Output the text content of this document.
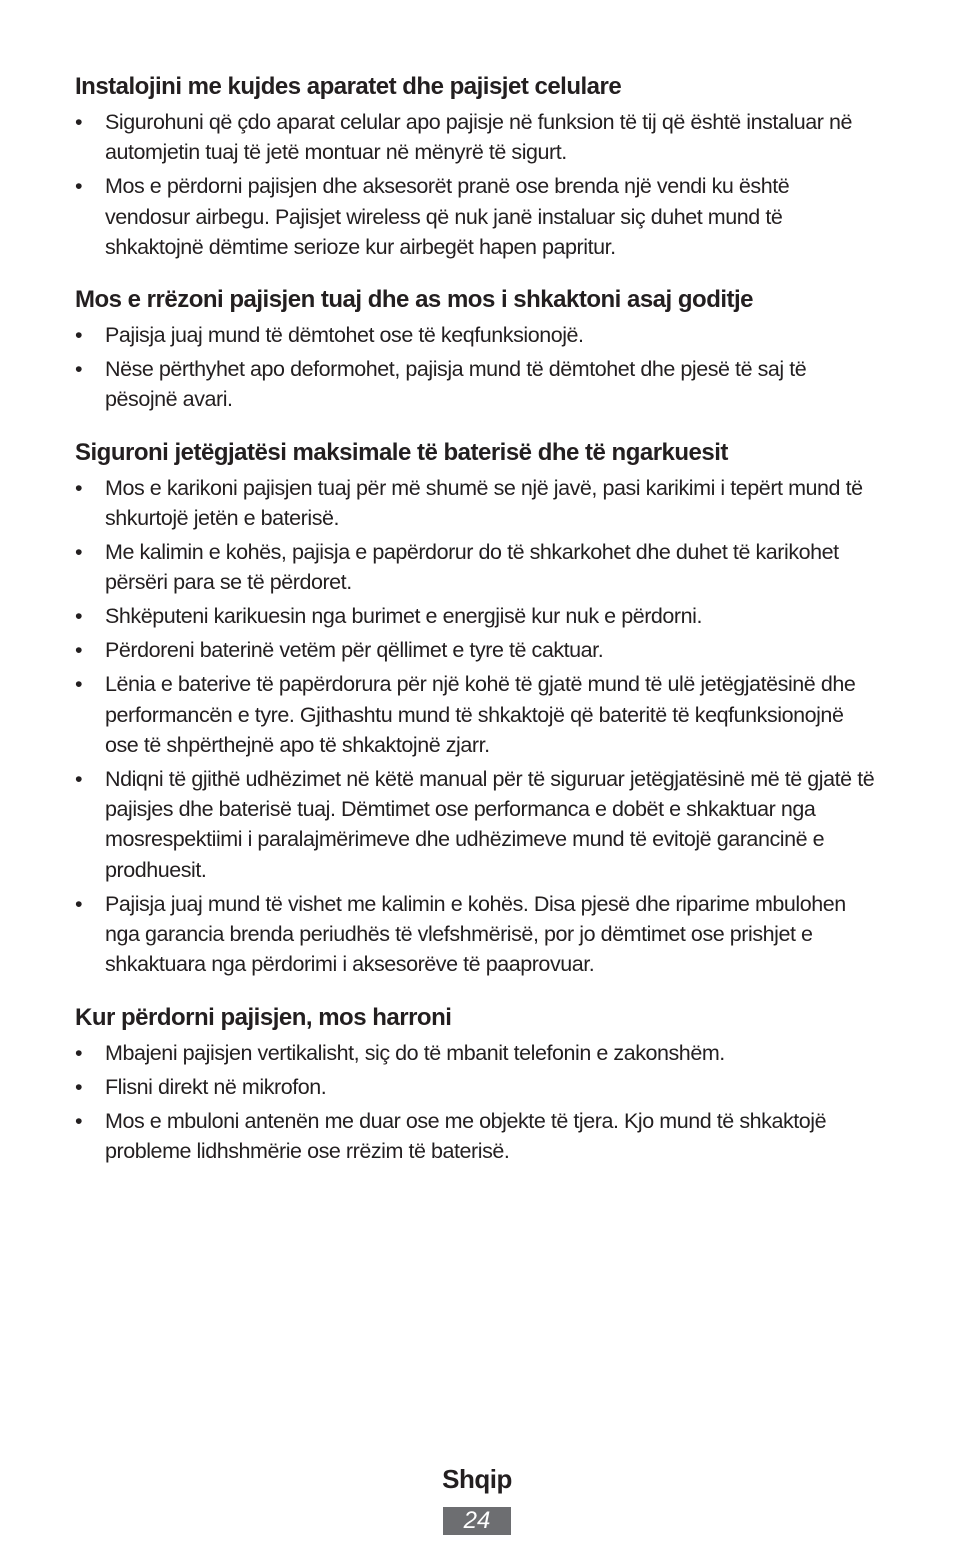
Instalojini me kujdes aparatet dhe pajisjet celulare
• Sigurohuni që çdo aparat celular apo pajisje në funksion të tij që është instaluar në automjetin tuaj të jetë montuar në mënyrë të sigurt.
• Mos e përdorni pajisjen dhe aksesorët pranë ose brenda një vendi ku është vendosur airbegu. Pajisjet wireless që nuk janë instaluar siç duhet mund të shkaktojnë dëmtime serioze kur airbegët hapen papritur.
Mos e rrëzoni pajisjen tuaj dhe as mos i shkaktoni asaj goditje
• Pajisja juaj mund të dëmtohet ose të keqfunksionojë.
• Nëse përthyhet apo deformohet, pajisja mund të dëmtohet dhe pjesë të saj të pësojnë avari.
Siguroni jetëgjatësi maksimale të baterisë dhe të ngarkuesit
• Mos e karikoni pajisjen tuaj për më shumë se një javë, pasi karikimi i tepërt mund të shkurtojë jetën e baterisë.
• Me kalimin e kohës, pajisja e papërdorur do të shkarkohet dhe duhet të karikohet përsëri para se të përdoret.
• Shkëputeni karikuesin nga burimet e energjisë kur nuk e përdorni.
• Përdoreni baterinë vetëm për qëllimet e tyre të caktuar.
• Lënia e baterive të papërdorura për një kohë të gjatë mund të ulë jetëgjatësinë dhe performancën e tyre. Gjithashtu mund të shkaktojë që bateritë të keqfunksionojnë ose të shpërthejnë apo të shkaktojnë zjarr.
• Ndiqni të gjithë udhëzimet në këtë manual për të siguruar jetëgjatësinë më të gjatë të pajisjes dhe baterisë tuaj. Dëmtimet ose performanca e dobët e shkaktuar nga mosrespektiimi i paralajmërimeve dhe udhëzimeve mund të evitojë garancinë e prodhuesit.
• Pajisja juaj mund të vishet me kalimin e kohës. Disa pjesë dhe riparime mbulohen nga garancia brenda periudhës të vlefshmërisë, por jo dëmtimet ose prishjet e shkaktuara nga përdorimi i aksesorëve të paaprovuar.
Kur përdorni pajisjen, mos harroni
• Mbajeni pajisjen vertikalisht, siç do të mbanit telefonin e zakonshëm.
• Flisni direkt në mikrofon.
• Mos e mbuloni antenën me duar ose me objekte të tjera. Kjo mund të shkaktojë probleme lidhshmërie ose rrëzim të baterisë.
Shqip
24
